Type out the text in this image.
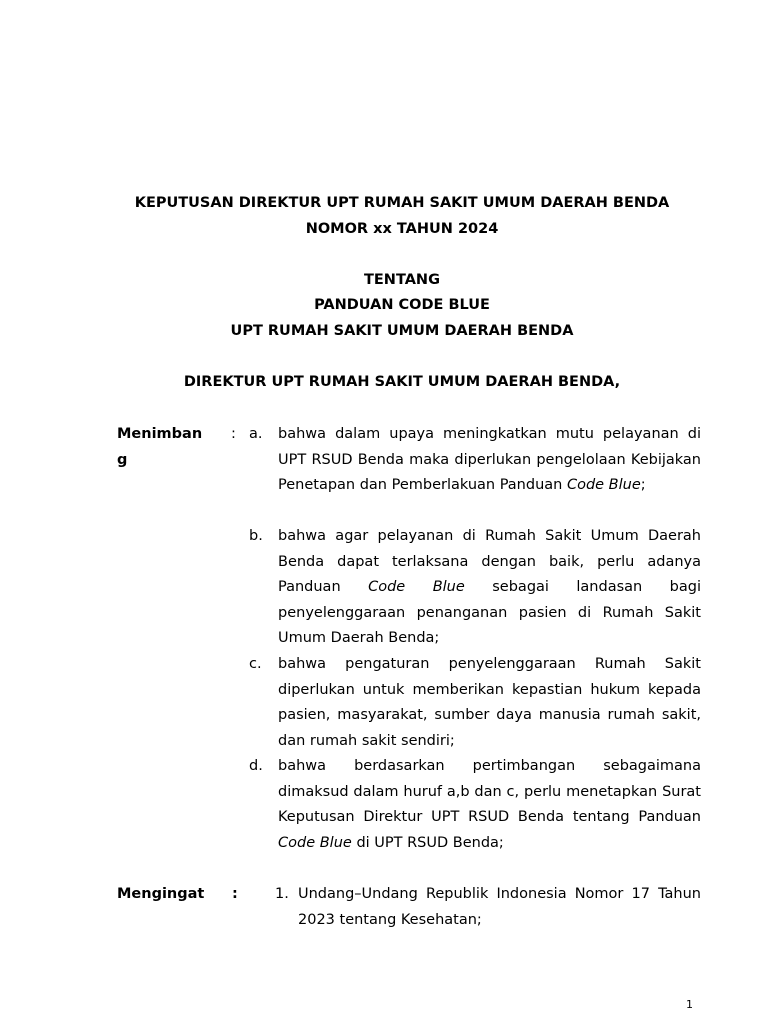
KEPUTUSAN DIREKTUR UPT RUMAH SAKIT UMUM DAERAH BENDA
NOMOR xx TAHUN 2024
TENTANG
PANDUAN CODE BLUE
UPT RUMAH SAKIT UMUM DAERAH BENDA
DIREKTUR UPT RUMAH SAKIT UMUM DAERAH BENDA,
Menimban
g
: a.	bahwa dalam upaya meningkatkan mutu pelayanan di UPT RSUD Benda maka diperlukan pengelolaan Kebijakan Penetapan dan Pemberlakuan Panduan Code Blue;
b.	bahwa agar pelayanan di Rumah Sakit Umum Daerah Benda dapat terlaksana dengan baik, perlu adanya Panduan Code Blue sebagai landasan bagi penyelenggaraan penanganan pasien di Rumah Sakit Umum Daerah Benda;
c.	bahwa pengaturan penyelenggaraan Rumah Sakit diperlukan untuk memberikan kepastian hukum kepada pasien, masyarakat, sumber daya manusia rumah sakit, dan rumah sakit sendiri;
d.	bahwa berdasarkan pertimbangan sebagaimana dimaksud dalam huruf a,b dan c, perlu menetapkan Surat Keputusan Direktur UPT RSUD Benda tentang Panduan Code Blue di UPT RSUD Benda;
Mengingat :	1. Undang–Undang Republik Indonesia Nomor 17 Tahun 2023 tentang Kesehatan;
1
